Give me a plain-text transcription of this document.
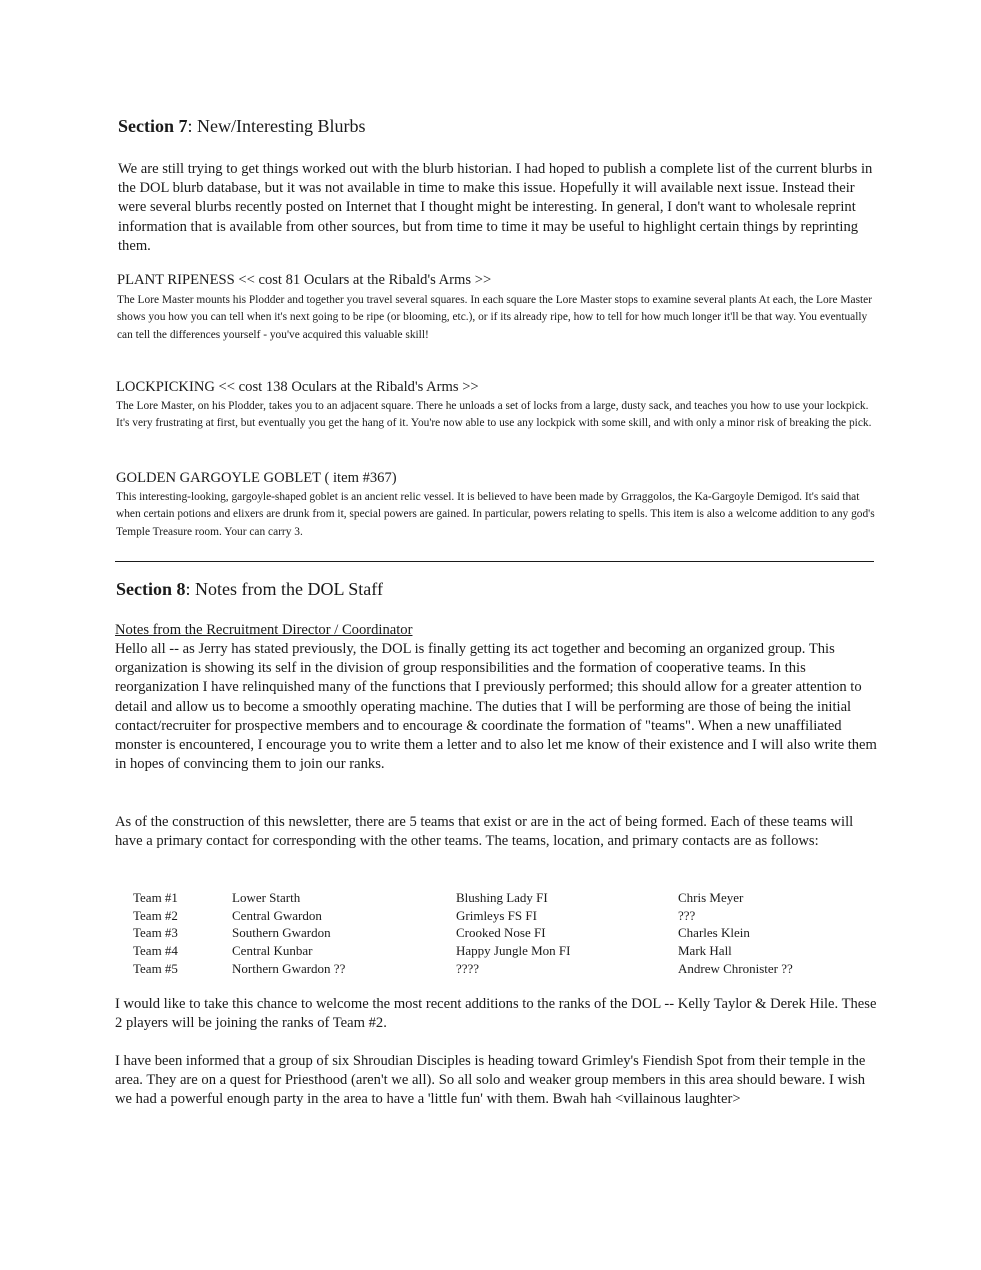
Section 7: New/Interesting Blurbs

We are still trying to get things worked out with the blurb historian. I had hoped to publish a complete list of the current blurbs in the DOL blurb database, but it was not available in time to make this issue. Hopefully it will available next issue. Instead their were several blurbs recently posted on Internet that I thought might be interesting. In general, I don't want to wholesale reprint information that is available from other sources, but from time to time it may be useful to highlight certain things by reprinting them.

PLANT RIPENESS << cost 81 Oculars at the Ribald's Arms >>

The Lore Master mounts his Plodder and together you travel several squares. In each square the Lore Master stops to examine several plants At each, the Lore Master shows you how you can tell when it's next going to be ripe (or blooming, etc.), or if its already ripe, how to tell for how much longer it'll be that way. You eventually can tell the differences yourself - you've acquired this valuable skill!

LOCKPICKING << cost 138 Oculars at the Ribald's Arms >>

The Lore Master, on his Plodder, takes you to an adjacent square. There he unloads a set of locks from a large, dusty sack, and teaches you how to use your lockpick. It's very frustrating at first, but eventually you get the hang of it. You're now able to use any lockpick with some skill, and with only a minor risk of breaking the pick.

GOLDEN GARGOYLE GOBLET ( item #367)

This interesting-looking, gargoyle-shaped goblet is an ancient relic vessel. It is believed to have been made by Grraggolos, the Ka-Gargoyle Demigod. It's said that when certain potions and elixers are drunk from it, special powers are gained. In particular, powers relating to spells. This item is also a welcome addition to any god's Temple Treasure room. Your can carry 3.

Section 8: Notes from the DOL Staff
Notes from the Recruitment Director / Coordinator

Hello all -- as Jerry has stated previously, the DOL is finally getting its act together and becoming an organized group. This organization is showing its self in the division of group responsibilities and the formation of cooperative teams. In this reorganization I have relinquished many of the functions that I previously performed; this should allow for a greater attention to detail and allow us to become a smoothly operating machine. The duties that I will be performing are those of being the initial contact/recruiter for prospective members and to encourage & coordinate the formation of "teams". When a new unaffiliated monster is encountered, I encourage you to write them a letter and to also let me know of their existence and I will also write them in hopes of convincing them to join our ranks.

As of the construction of this newsletter, there are 5 teams that exist or are in the act of being formed. Each of these teams will have a primary contact for corresponding with the other teams. The teams, location, and primary contacts are as follows:

Team #1	Lower Starth	Blushing Lady FI	Chris Meyer
Team #2	Central Gwardon	Grimleys FS FI	???
Team #3	Southern Gwardon	Crooked Nose FI	Charles Klein
Team #4	Central Kunbar	Happy Jungle Mon FI	Mark Hall
Team #5	Northern Gwardon ??	????	Andrew Chronister ??

I would like to take this chance to welcome the most recent additions to the ranks of the DOL -- Kelly Taylor & Derek Hile. These 2 players will be joining the ranks of Team #2.

I have been informed that a group of six Shroudian Disciples is heading toward Grimley's Fiendish Spot from their temple in the area. They are on a quest for Priesthood (aren't we all). So all solo and weaker group members in this area should beware. I wish we had a powerful enough party in the area to have a 'little fun' with them. Bwah hah <villainous laughter>
